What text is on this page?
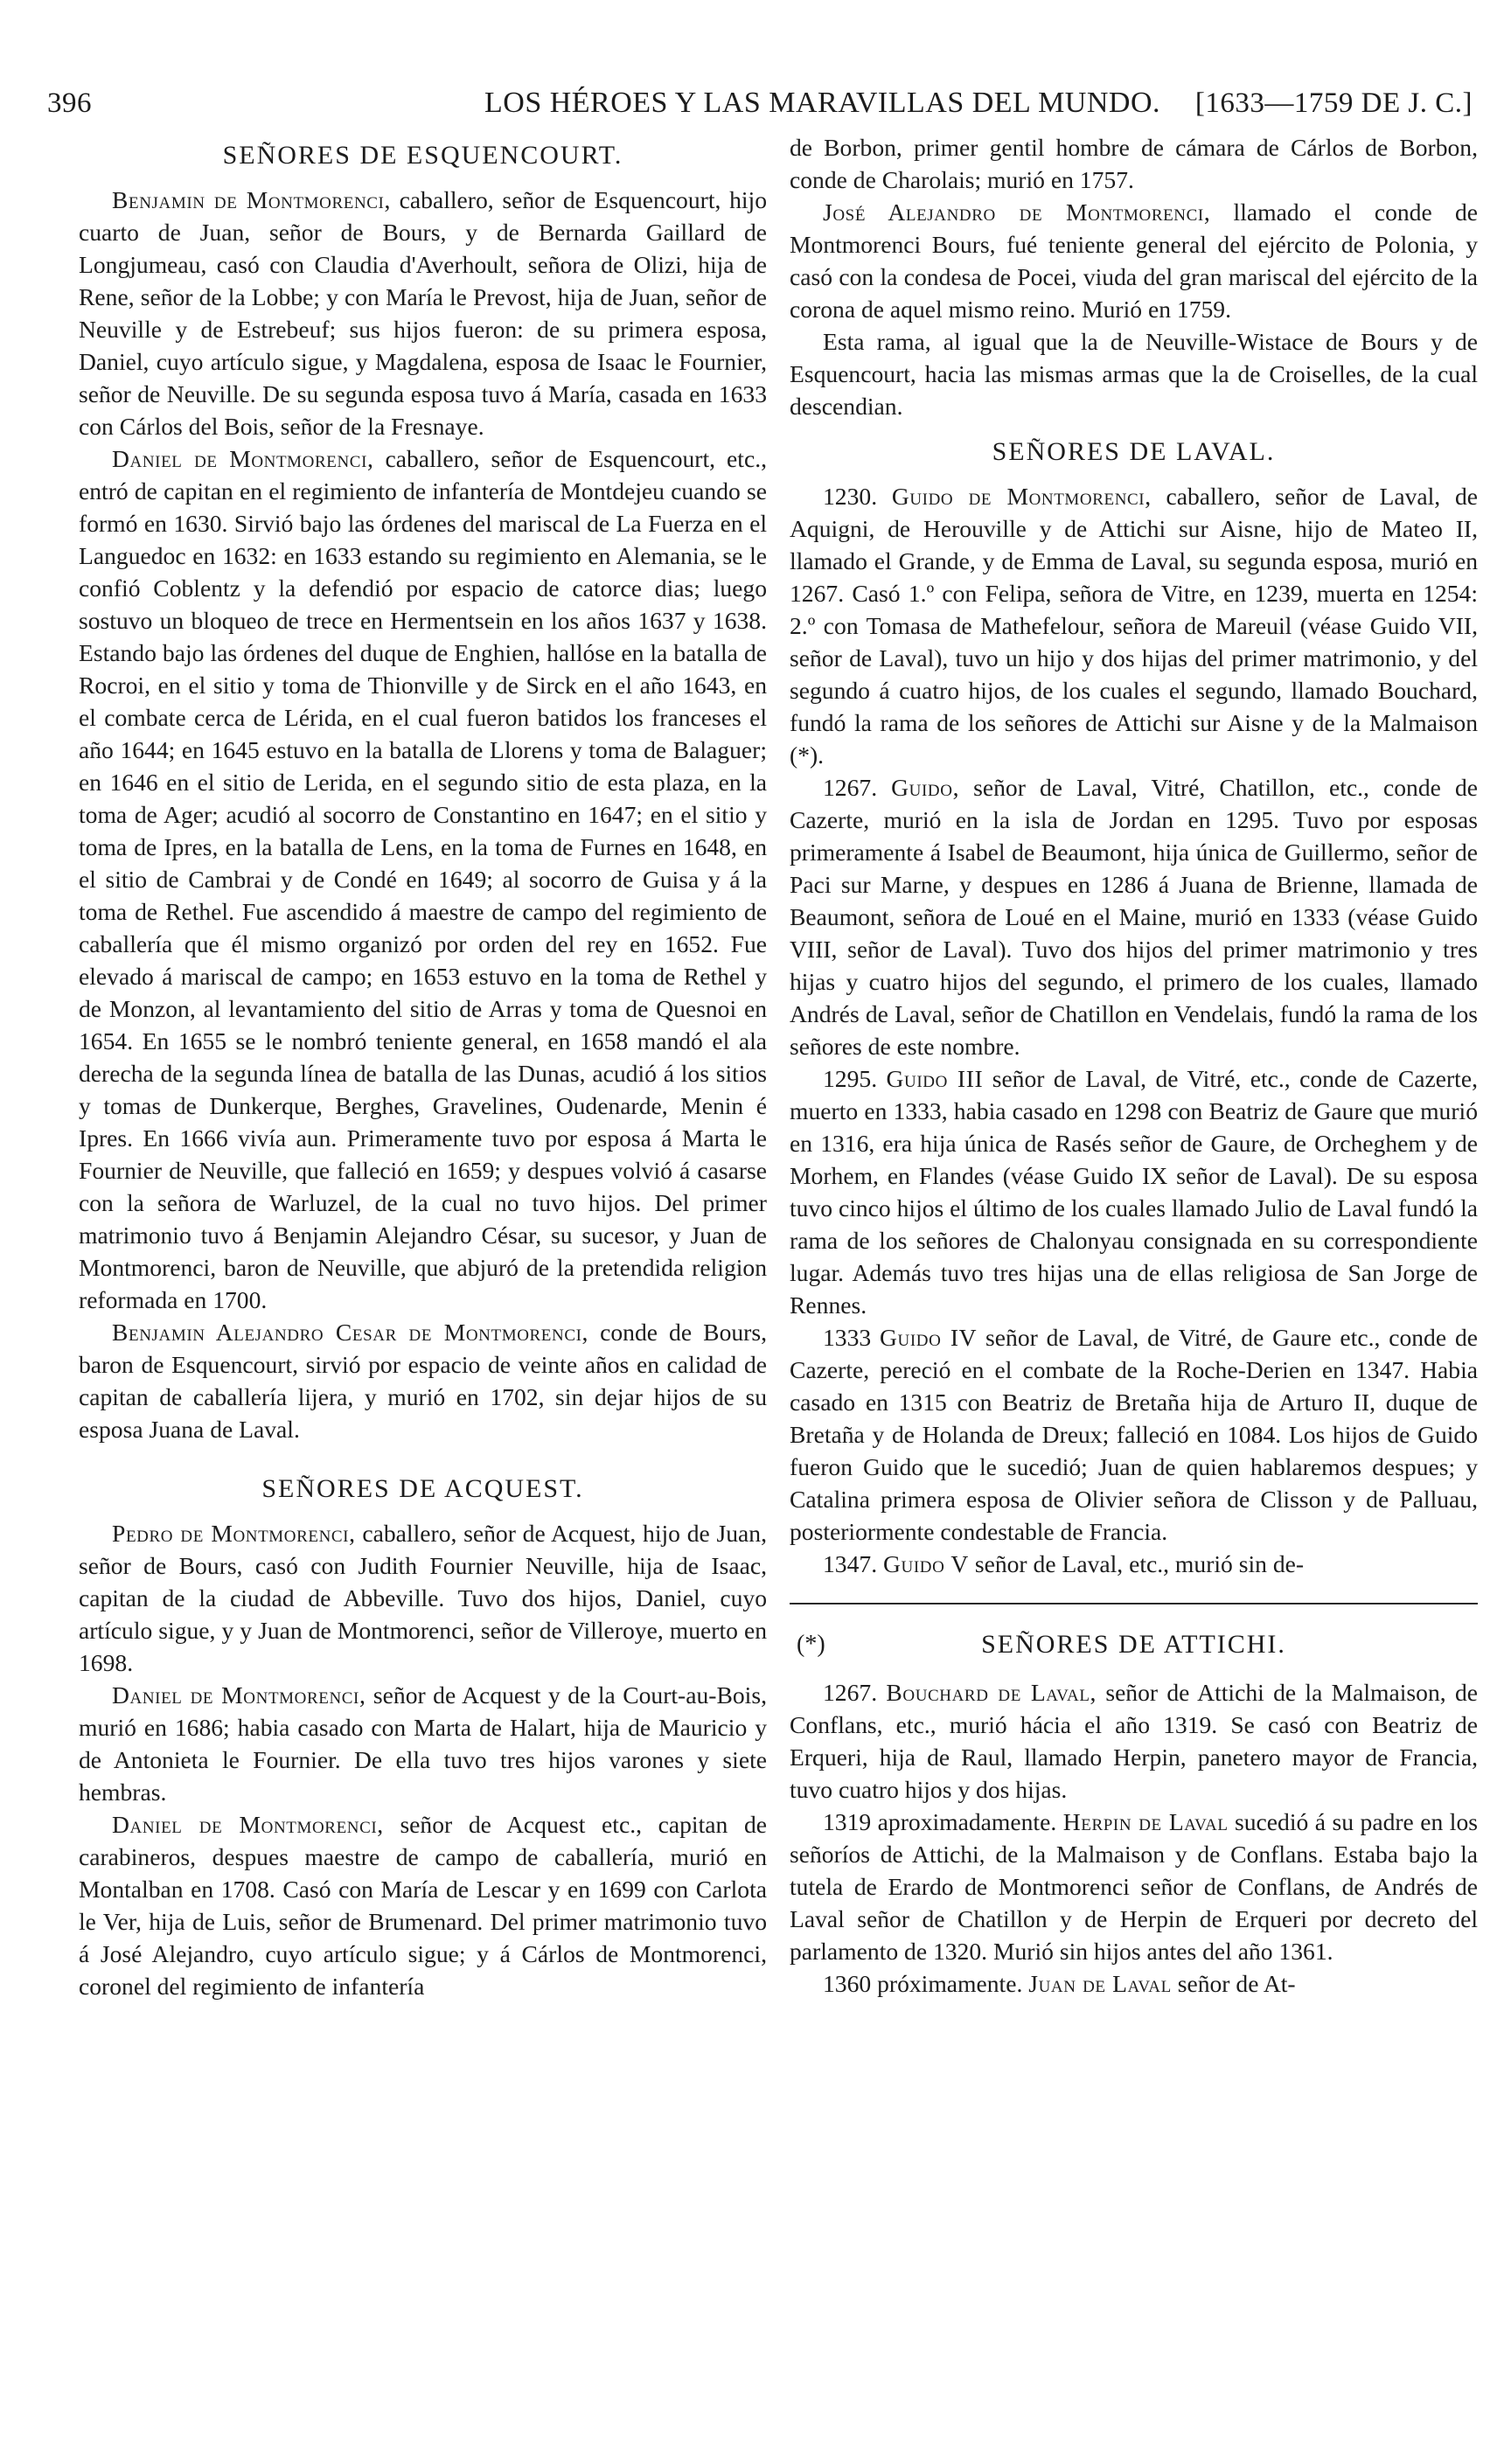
396	LOS HÉROES Y LAS MARAVILLAS DEL MUNDO. [1633—1759 DE J. C.]
SEÑORES DE ESQUENCOURT.

Benjamin de Montmorenci, caballero, señor de Esquencourt, hijo cuarto de Juan, señor de Bours, y de Bernarda Gaillard de Longjumeau, casó con Claudia d'Averhoult, señora de Olizi, hija de Rene, señor de la Lobbe; y con María le Prevost, hija de Juan, señor de Neuville y de Estrebeuf; sus hijos fueron: de su primera esposa, Daniel, cuyo artículo sigue, y Magdalena, esposa de Isaac le Fournier, señor de Neuville. De su segunda esposa tuvo á María, casada en 1633 con Cárlos del Bois, señor de la Fresnaye.

Daniel de Montmorenci, caballero, señor de Esquencourt, etc., entró de capitan en el regimiento de infantería de Montdejeu cuando se formó en 1630. Sirvió bajo las órdenes del mariscal de La Fuerza en el Languedoc en 1632: en 1633 estando su regimiento en Alemania, se le confió Coblentz y la defendió por espacio de catorce dias; luego sostuvo un bloqueo de trece en Hermentsein en los años 1637 y 1638. Estando bajo las órdenes del duque de Enghien, hallóse en la batalla de Rocroi, en el sitio y toma de Thionville y de Sirck en el año 1643, en el combate cerca de Lérida, en el cual fueron batidos los franceses el año 1644; en 1645 estuvo en la batalla de Llorens y toma de Balaguer; en 1646 en el sitio de Lerida, en el segundo sitio de esta plaza, en la toma de Ager; acudió al socorro de Constantino en 1647; en el sitio y toma de Ipres, en la batalla de Lens, en la toma de Furnes en 1648, en el sitio de Cambrai y de Condé en 1649; al socorro de Guisa y á la toma de Rethel. Fue ascendido á maestre de campo del regimiento de caballería que él mismo organizó por orden del rey en 1652. Fue elevado á mariscal de campo; en 1653 estuvo en la toma de Rethel y de Monzon, al levantamiento del sitio de Arras y toma de Quesnoi en 1654. En 1655 se le nombró teniente general, en 1658 mandó el ala derecha de la segunda línea de batalla de las Dunas, acudió á los sitios y tomas de Dunkerque, Berghes, Gravelines, Oudenarde, Menin é Ipres. En 1666 vivía aun. Primeramente tuvo por esposa á Marta le Fournier de Neuville, que falleció en 1659; y despues volvió á casarse con la señora de Warluzel, de la cual no tuvo hijos. Del primer matrimonio tuvo á Benjamin Alejandro César, su sucesor, y Juan de Montmorenci, baron de Neuville, que abjuró de la pretendida religion reformada en 1700.

Benjamin Alejandro Cesar de Montmorenci, conde de Bours, baron de Esquencourt, sirvió por espacio de veinte años en calidad de capitan de caballería lijera, y murió en 1702, sin dejar hijos de su esposa Juana de Laval.

SEÑORES DE ACQUEST.

Pedro de Montmorenci, caballero, señor de Acquest, hijo de Juan, señor de Bours, casó con Judith Fournier Neuville, hija de Isaac, capitan de la ciudad de Abbeville. Tuvo dos hijos, Daniel, cuyo artículo sigue, y y Juan de Montmorenci, señor de Villeroye, muerto en 1698.

Daniel de Montmorenci, señor de Acquest y de la Court-au-Bois, murió en 1686; habia casado con Marta de Halart, hija de Mauricio y de Antonieta le Fournier. De ella tuvo tres hijos varones y siete hembras.

Daniel de Montmorenci, señor de Acquest etc., capitan de carabineros, despues maestre de campo de caballería, murió en Montalban en 1708. Casó con María de Lescar y en 1699 con Carlota le Ver, hija de Luis, señor de Brumenard. Del primer matrimonio tuvo á José Alejandro, cuyo artículo sigue; y á Cárlos de Montmorenci, coronel del regimiento de infantería

de Borbon, primer gentil hombre de cámara de Cárlos de Borbon, conde de Charolais; murió en 1757.

José Alejandro de Montmorenci, llamado el conde de Montmorenci Bours, fué teniente general del ejército de Polonia, y casó con la condesa de Pocei, viuda del gran mariscal del ejército de la corona de aquel mismo reino. Murió en 1759.

Esta rama, al igual que la de Neuville-Wistace de Bours y de Esquencourt, hacia las mismas armas que la de Croiselles, de la cual descendian.

SEÑORES DE LAVAL.

1230. Guido de Montmorenci, caballero, señor de Laval, de Aquigni, de Herouville y de Attichi sur Aisne, hijo de Mateo II, llamado el Grande, y de Emma de Laval, su segunda esposa, murió en 1267. Casó 1.º con Felipa, señora de Vitre, en 1239, muerta en 1254: 2.º con Tomasa de Mathefelour, señora de Mareuil (véase Guido VII, señor de Laval), tuvo un hijo y dos hijas del primer matrimonio, y del segundo á cuatro hijos, de los cuales el segundo, llamado Bouchard, fundó la rama de los señores de Attichi sur Aisne y de la Malmaison (*).

1267. Guido, señor de Laval, Vitré, Chatillon, etc., conde de Cazerte, murió en la isla de Jordan en 1295. Tuvo por esposas primeramente á Isabel de Beaumont, hija única de Guillermo, señor de Paci sur Marne, y despues en 1286 á Juana de Brienne, llamada de Beaumont, señora de Loué en el Maine, murió en 1333 (véase Guido VIII, señor de Laval). Tuvo dos hijos del primer matrimonio y tres hijas y cuatro hijos del segundo, el primero de los cuales, llamado Andrés de Laval, señor de Chatillon en Vendelais, fundó la rama de los señores de este nombre.

1295. Guido III señor de Laval, de Vitré, etc., conde de Cazerte, muerto en 1333, habia casado en 1298 con Beatriz de Gaure que murió en 1316, era hija única de Rasés señor de Gaure, de Orcheghem y de Morhem, en Flandes (véase Guido IX señor de Laval). De su esposa tuvo cinco hijos el último de los cuales llamado Julio de Laval fundó la rama de los señores de Chalonyau consignada en su correspondiente lugar. Además tuvo tres hijas una de ellas religiosa de San Jorge de Rennes.

1333 Guido IV señor de Laval, de Vitré, de Gaure etc., conde de Cazerte, pereció en el combate de la Roche-Derien en 1347. Habia casado en 1315 con Beatriz de Bretaña hija de Arturo II, duque de Bretaña y de Holanda de Dreux; falleció en 1084. Los hijos de Guido fueron Guido que le sucedió; Juan de quien hablaremos despues; y Catalina primera esposa de Olivier señora de Clisson y de Palluau, posteriormente condestable de Francia.

1347. Guido V señor de Laval, etc., murió sin de-

(*)	SEÑORES DE ATTICHI.

1267. Bouchard de Laval, señor de Attichi de la Malmaison, de Conflans, etc., murió hácia el año 1319. Se casó con Beatriz de Erqueri, hija de Raul, llamado Herpin, panetero mayor de Francia, tuvo cuatro hijos y dos hijas.

1319 aproximadamente. Herpin de Laval sucedió á su padre en los señoríos de Attichi, de la Malmaison y de Conflans. Estaba bajo la tutela de Erardo de Montmorenci señor de Conflans, de Andrés de Laval señor de Chatillon y de Herpin de Erqueri por decreto del parlamento de 1320. Murió sin hijos antes del año 1361.

1360 próximamente. Juan de Laval señor de At-
